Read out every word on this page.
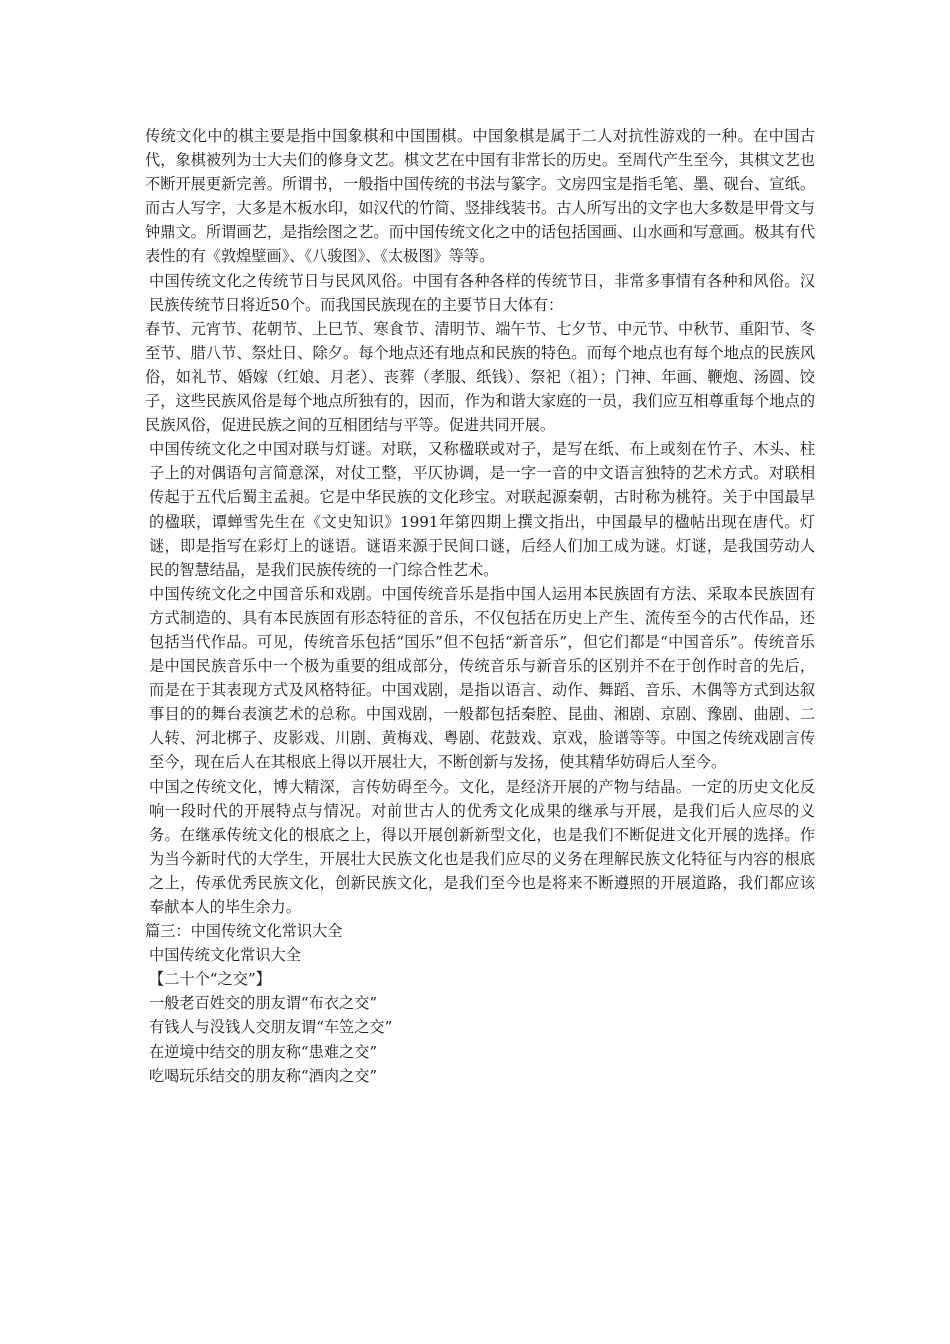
传统文化中的棋主要是指中国象棋和中国围棋。中国象棋是属于二人对抗性游戏的一种。在中国古代，象棋被列为士大夫们的修身文艺。棋文艺在中国有非常长的历史。至周代产生至今，其棋文艺也不断开展更新完善。所谓书，一般指中国传统的书法与篆字。文房四宝是指毛笔、墨、砚台、宣纸。而古人写字，大多是木板水印，如汉代的竹简、竖排线装书。古人所写出的文字也大多数是甲骨文与钟鼎文。所谓画艺，是指绘图之艺。而中国传统文化之中的话包括国画、山水画和写意画。极其有代表性的有《敦煌壁画》、《八骏图》、《太极图》等等。

中国传统文化之传统节日与民风风俗。中国有各种各样的传统节日，非常多事情有各种和风俗。汉民族传统节日将近50个。而我国民族现在的主要节日大体有：

春节、元宵节、花朝节、上巳节、寒食节、清明节、端午节、七夕节、中元节、中秋节、重阳节、冬至节、腊八节、祭灶日、除夕。每个地点还有地点和民族的特色。而每个地点也有每个地点的民族风俗，如礼节、婚嫁（红娘、月老）、丧葬（孝服、纸钱）、祭祀（祖）；门神、年画、鞭炮、汤圆、饺子，这些民族风俗是每个地点所独有的，因而，作为和谐大家庭的一员，我们应互相尊重每个地点的民族风俗，促进民族之间的互相团结与平等。促进共同开展。

中国传统文化之中国对联与灯谜。对联，又称楹联或对子，是写在纸、布上或刻在竹子、木头、柱子上的对偶语句言简意深，对仗工整，平仄协调，是一字一音的中文语言独特的艺术方式。对联相传起于五代后蜀主孟昶。它是中华民族的文化珍宝。对联起源秦朝，古时称为桃符。关于中国最早的楹联，谭蝉雪先生在《文史知识》1991年第四期上撰文指出，中国最早的楹帖出现在唐代。灯谜，即是指写在彩灯上的谜语。谜语来源于民间口谜，后经人们加工成为谜。灯谜，是我国劳动人民的智慧结晶，是我们民族传统的一门综合性艺术。

中国传统文化之中国音乐和戏剧。中国传统音乐是指中国人运用本民族固有方法、采取本民族固有方式制造的、具有本民族固有形态特征的音乐，不仅包括在历史上产生、流传至今的古代作品，还包括当代作品。可见，传统音乐包括“国乐”但不包括“新音乐”，但它们都是“中国音乐”。传统音乐是中国民族音乐中一个极为重要的组成部分，传统音乐与新音乐的区别并不在于创作时音的先后，而是在于其表现方式及风格特征。中国戏剧，是指以语言、动作、舞蹈、音乐、木偶等方式到达叙事目的的舞台表演艺术的总称。中国戏剧，一般都包括秦腔、昆曲、湘剧、京剧、豫剧、曲剧、二人转、河北梆子、皮影戏、川剧、黄梅戏、粤剧、花鼓戏、京戏，脸谱等等。中国之传统戏剧言传至今，现在后人在其根底上得以开展壮大，不断创新与发扬，使其精华妨碍后人至今。

中国之传统文化，博大精深，言传妨碍至今。文化，是经济开展的产物与结晶。一定的历史文化反响一段时代的开展特点与情况。对前世古人的优秀文化成果的继承与开展，是我们后人应尽的义务。在继承传统文化的根底之上，得以开展创新新型文化，也是我们不断促进文化开展的选择。作为当今新时代的大学生，开展壮大民族文化也是我们应尽的义务在理解民族文化特征与内容的根底之上，传承优秀民族文化，创新民族文化，是我们至今也是将来不断遵照的开展道路，我们都应该奉献本人的毕生余力。

篇三：中国传统文化常识大全

中国传统文化常识大全

【二十个“之交”】

一般老百姓交的朋友谓“布衣之交”

有钱人与没钱人交朋友谓“车笠之交”

在逆境中结交的朋友称“患难之交”

吃喝玩乐结交的朋友称“酒肉之交”
